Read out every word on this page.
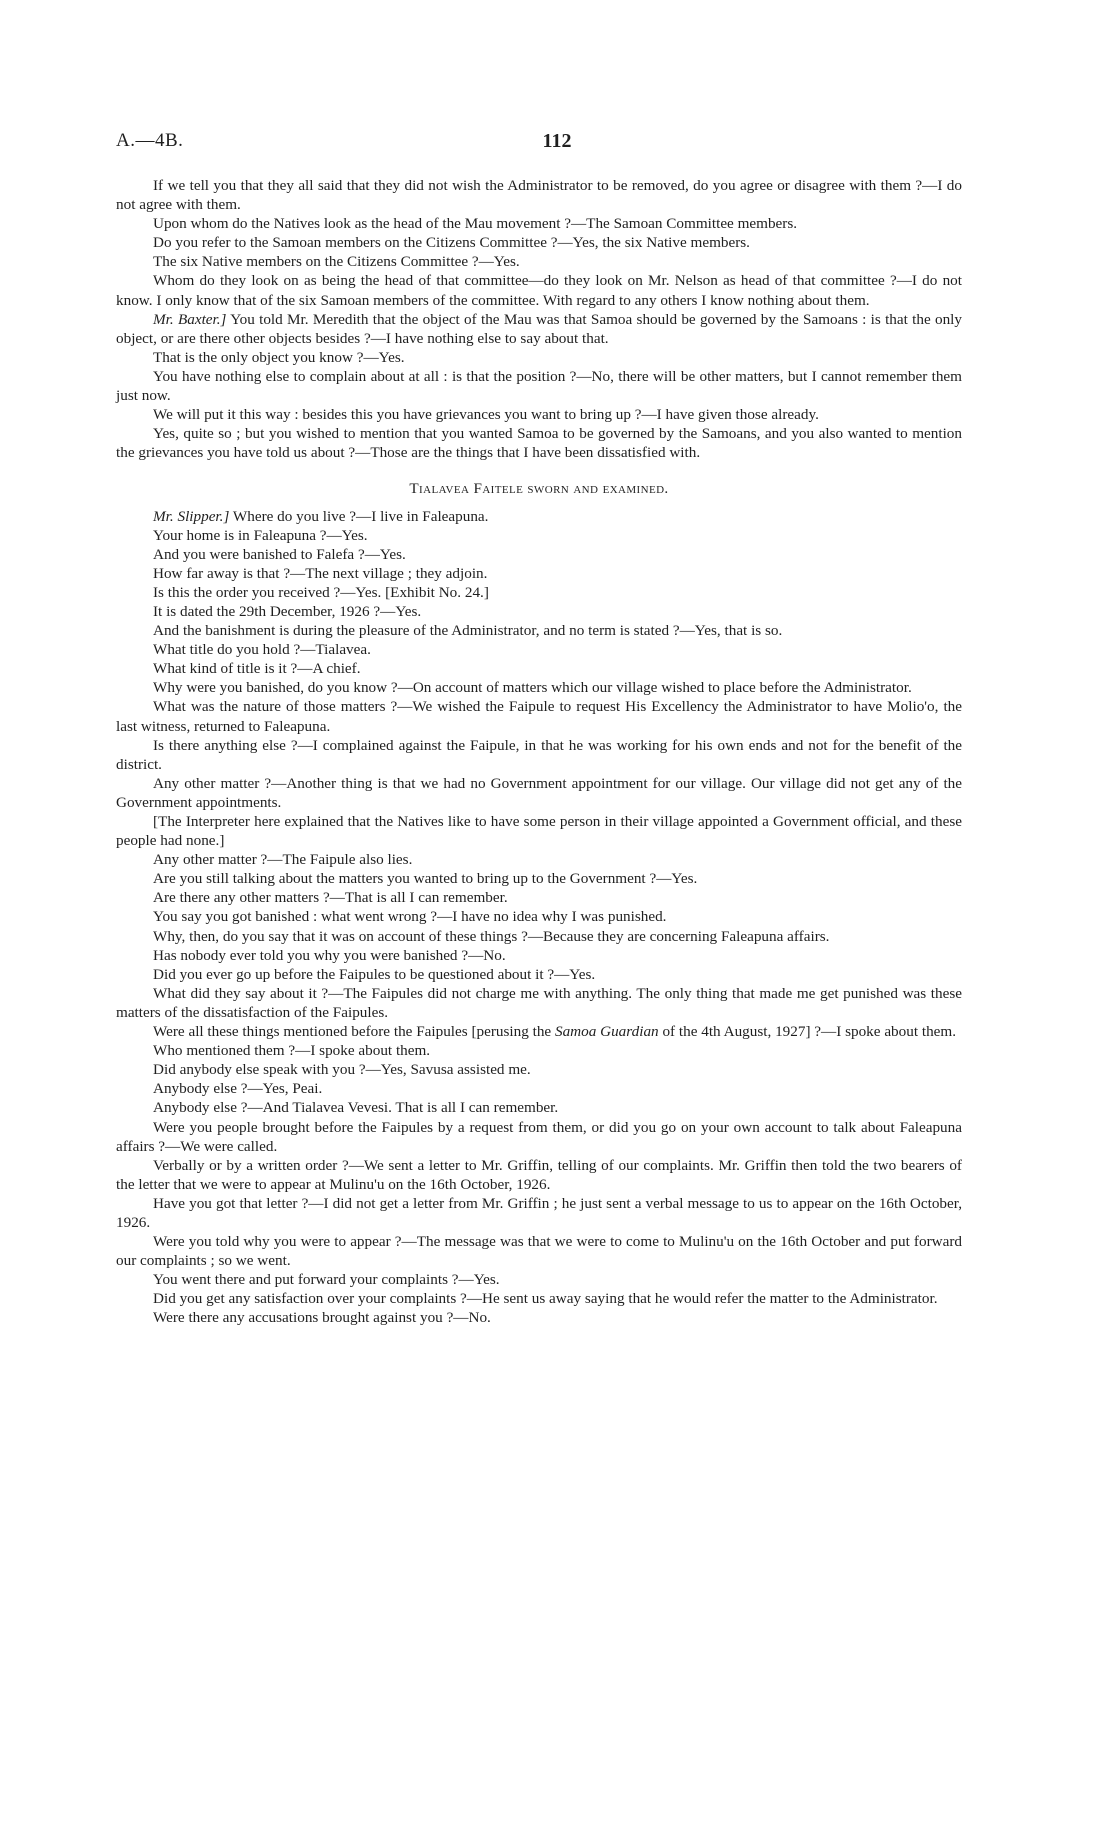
A.—4B.	112

If we tell you that they all said that they did not wish the Administrator to be removed, do you agree or disagree with them ?—I do not agree with them.

Upon whom do the Natives look as the head of the Mau movement ?—The Samoan Committee members.

Do you refer to the Samoan members on the Citizens Committee ?—Yes, the six Native members.

The six Native members on the Citizens Committee ?—Yes.

Whom do they look on as being the head of that committee—do they look on Mr. Nelson as head of that committee ?—I do not know. I only know that of the six Samoan members of the committee. With regard to any others I know nothing about them.

Mr. Baxter.] You told Mr. Meredith that the object of the Mau was that Samoa should be governed by the Samoans : is that the only object, or are there other objects besides ?—I have nothing else to say about that.

That is the only object you know ?—Yes.

You have nothing else to complain about at all : is that the position ?—No, there will be other matters, but I cannot remember them just now.

We will put it this way : besides this you have grievances you want to bring up ?—I have given those already.

Yes, quite so ; but you wished to mention that you wanted Samoa to be governed by the Samoans, and you also wanted to mention the grievances you have told us about ?—Those are the things that I have been dissatisfied with.

Tialavea Faitele sworn and examined.

Mr. Slipper.] Where do you live ?—I live in Faleapuna.

Your home is in Faleapuna ?—Yes.

And you were banished to Falefa ?—Yes.

How far away is that ?—The next village ; they adjoin.

Is this the order you received ?—Yes. [Exhibit No. 24.]

It is dated the 29th December, 1926 ?—Yes.

And the banishment is during the pleasure of the Administrator, and no term is stated ?—Yes, that is so.

What title do you hold ?—Tialavea.

What kind of title is it ?—A chief.

Why were you banished, do you know ?—On account of matters which our village wished to place before the Administrator.

What was the nature of those matters ?—We wished the Faipule to request His Excellency the Administrator to have Molio'o, the last witness, returned to Faleapuna.

Is there anything else ?—I complained against the Faipule, in that he was working for his own ends and not for the benefit of the district.

Any other matter ?—Another thing is that we had no Government appointment for our village. Our village did not get any of the Government appointments.

[The Interpreter here explained that the Natives like to have some person in their village appointed a Government official, and these people had none.]

Any other matter ?—The Faipule also lies.

Are you still talking about the matters you wanted to bring up to the Government ?—Yes.

Are there any other matters ?—That is all I can remember.

You say you got banished : what went wrong ?—I have no idea why I was punished.

Why, then, do you say that it was on account of these things ?—Because they are concerning Faleapuna affairs.

Has nobody ever told you why you were banished ?—No.

Did you ever go up before the Faipules to be questioned about it ?—Yes.

What did they say about it ?—The Faipules did not charge me with anything. The only thing that made me get punished was these matters of the dissatisfaction of the Faipules.

Were all these things mentioned before the Faipules [perusing the Samoa Guardian of the 4th August, 1927] ?—I spoke about them.

Who mentioned them ?—I spoke about them.

Did anybody else speak with you ?—Yes, Savusa assisted me.

Anybody else ?—Yes, Peai.

Anybody else ?—And Tialavea Vevesi. That is all I can remember.

Were you people brought before the Faipules by a request from them, or did you go on your own account to talk about Faleapuna affairs ?—We were called.

Verbally or by a written order ?—We sent a letter to Mr. Griffin, telling of our complaints. Mr. Griffin then told the two bearers of the letter that we were to appear at Mulinu'u on the 16th October, 1926.

Have you got that letter ?—I did not get a letter from Mr. Griffin ; he just sent a verbal message to us to appear on the 16th October, 1926.

Were you told why you were to appear ?—The message was that we were to come to Mulinu'u on the 16th October and put forward our complaints ; so we went.

You went there and put forward your complaints ?—Yes.

Did you get any satisfaction over your complaints ?—He sent us away saying that he would refer the matter to the Administrator.

Were there any accusations brought against you ?—No.
